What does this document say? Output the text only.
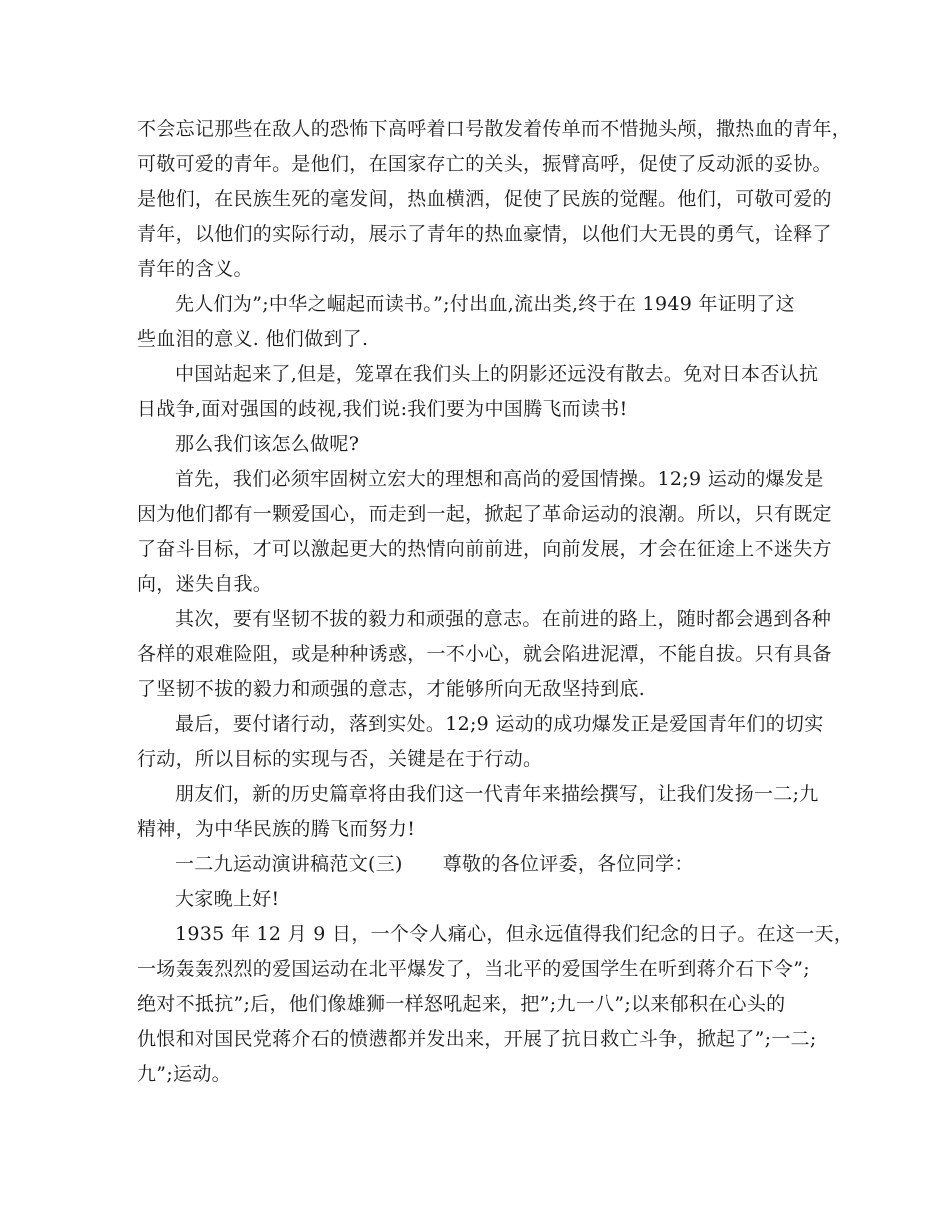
不会忘记那些在敌人的恐怖下高呼着口号散发着传单而不惜抛头颅，撒热血的青年，
可敬可爱的青年。是他们，在国家存亡的关头，振臂高呼，促使了反动派的妥协。
是他们，在民族生死的毫发间，热血横洒，促使了民族的觉醒。他们，可敬可爱的
青年，以他们的实际行动，展示了青年的热血豪情，以他们大无畏的勇气，诠释了
青年的含义。
先人们为”;中华之崛起而读书。”;付出血,流出类,终于在 1949 年证明了这
些血泪的意义. 他们做到了.
中国站起来了,但是，笼罩在我们头上的阴影还远没有散去。免对日本否认抗
日战争,面对强国的歧视,我们说:我们要为中国腾飞而读书!
那么我们该怎么做呢?
首先，我们必须牢固树立宏大的理想和高尚的爱国情操。12;9 运动的爆发是
因为他们都有一颗爱国心，而走到一起，掀起了革命运动的浪潮。所以，只有既定
了奋斗目标，才可以激起更大的热情向前前进，向前发展，才会在征途上不迷失方
向，迷失自我。
其次，要有坚韧不拔的毅力和顽强的意志。在前进的路上，随时都会遇到各种
各样的艰难险阻，或是种种诱惑，一不小心，就会陷进泥潭，不能自拔。只有具备
了坚韧不拔的毅力和顽强的意志，才能够所向无敌坚持到底.
最后，要付诸行动，落到实处。12;9 运动的成功爆发正是爱国青年们的切实
行动，所以目标的实现与否，关键是在于行动。
朋友们，新的历史篇章将由我们这一代青年来描绘撰写，让我们发扬一二;九
精神，为中华民族的腾飞而努力!
一二九运动演讲稿范文(三) 尊敬的各位评委，各位同学：
大家晚上好!
1935 年 12 月 9 日，一个令人痛心，但永远值得我们纪念的日子。在这一天，
一场轰轰烈烈的爱国运动在北平爆发了，当北平的爱国学生在听到蒋介石下令”;
绝对不抵抗”;后，他们像雄狮一样怒吼起来，把”;九一八”;以来郁积在心头的
仇恨和对国民党蒋介石的愤懑都并发出来，开展了抗日救亡斗争，掀起了”;一二;
九”;运动。
